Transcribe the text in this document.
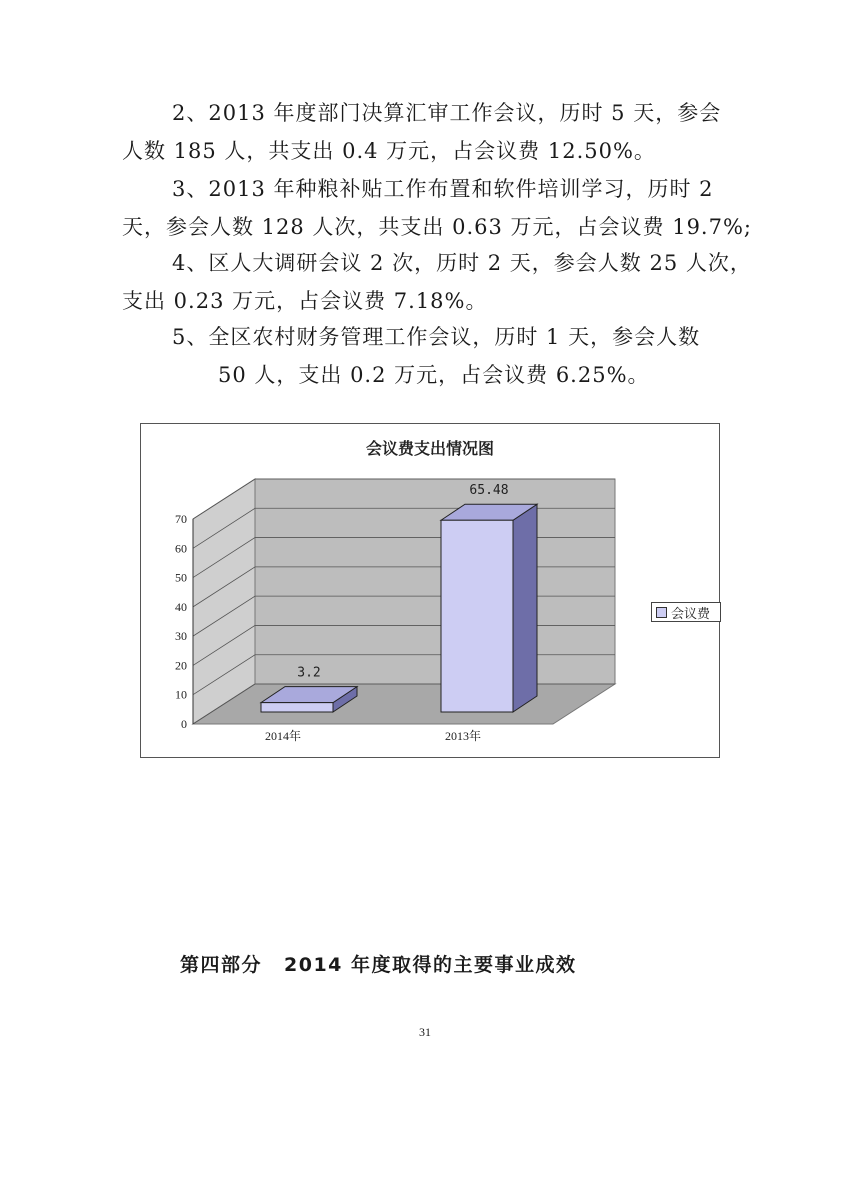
2、2013 年度部门决算汇审工作会议，历时 5 天，参会
人数 185 人，共支出 0.4 万元，占会议费 12.50%。

3、2013 年种粮补贴工作布置和软件培训学习，历时 2
天，参会人数 128 人次，共支出 0.63 万元，占会议费 19.7%;

4、区人大调研会议 2 次，历时 2 天，参会人数 25 人次，
支出 0.23 万元，占会议费 7.18%。

5、全区农村财务管理工作会议，历时 1 天，参会人数
50 人，支出 0.2 万元，占会议费 6.25%。

会议费支出情况图
0
10
20
30
40
50
60
70
3.2
2014年
65.48
2013年
会议费
第四部分 2014 年度取得的主要事业成效
31
